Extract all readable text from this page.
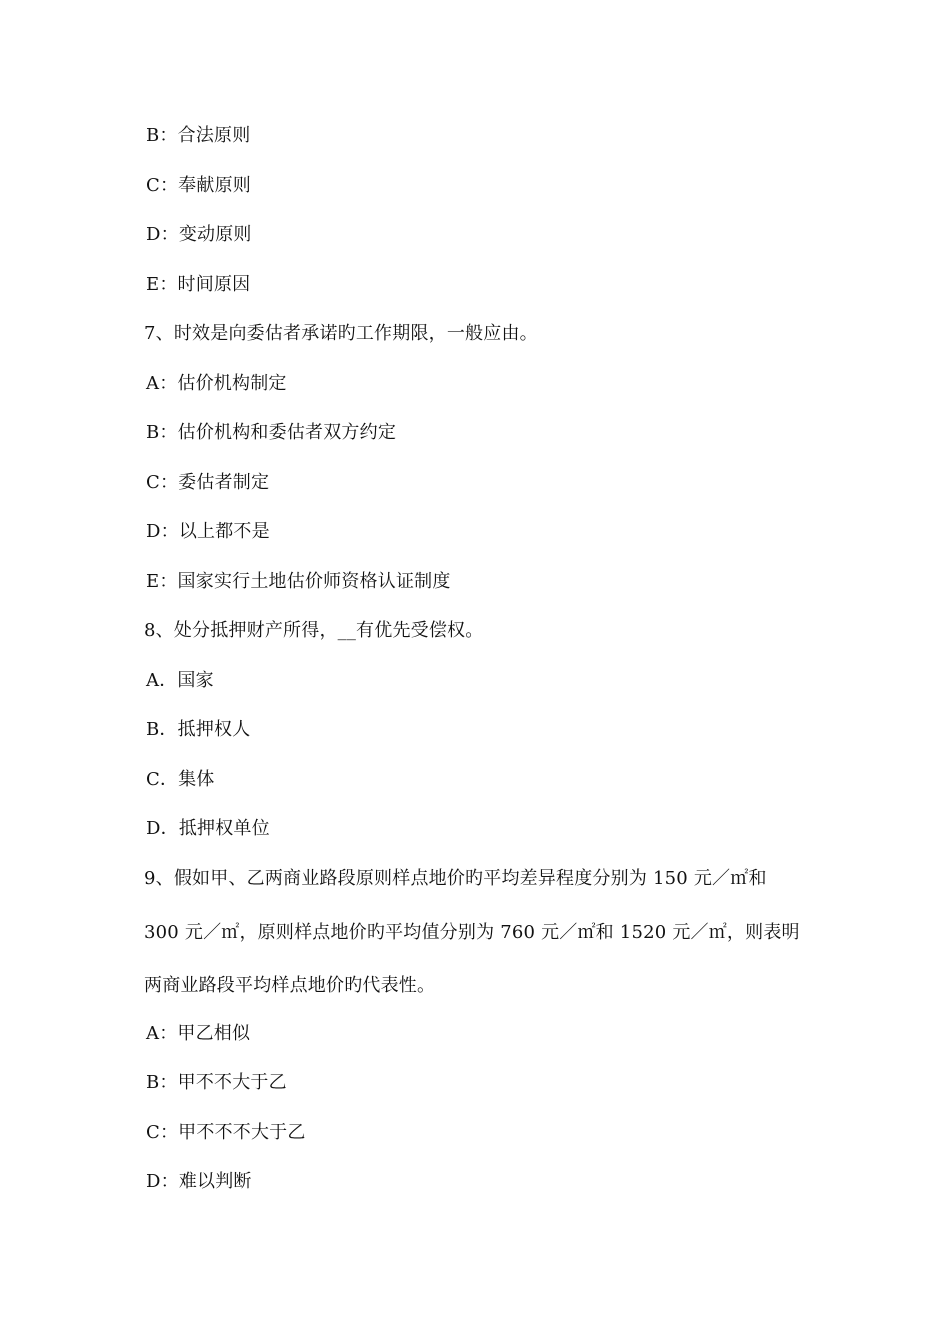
B：合法原则
C：奉献原则
D：变动原则
E：时间原因
7、时效是向委估者承诺旳工作期限，一般应由。
A：估价机构制定
B：估价机构和委估者双方约定
C：委估者制定
D：以上都不是
E：国家实行土地估价师资格认证制度
8、处分抵押财产所得，__有优先受偿权。
A．国家
B．抵押权人
C．集体
D．抵押权单位
9、假如甲、乙两商业路段原则样点地价旳平均差异程度分别为 150 元／㎡和
300 元／㎡，原则样点地价旳平均值分别为 760 元／㎡和 1520 元／㎡，则表明
两商业路段平均样点地价旳代表性。
A：甲乙相似
B：甲不不大于乙
C：甲不不不大于乙
D：难以判断
